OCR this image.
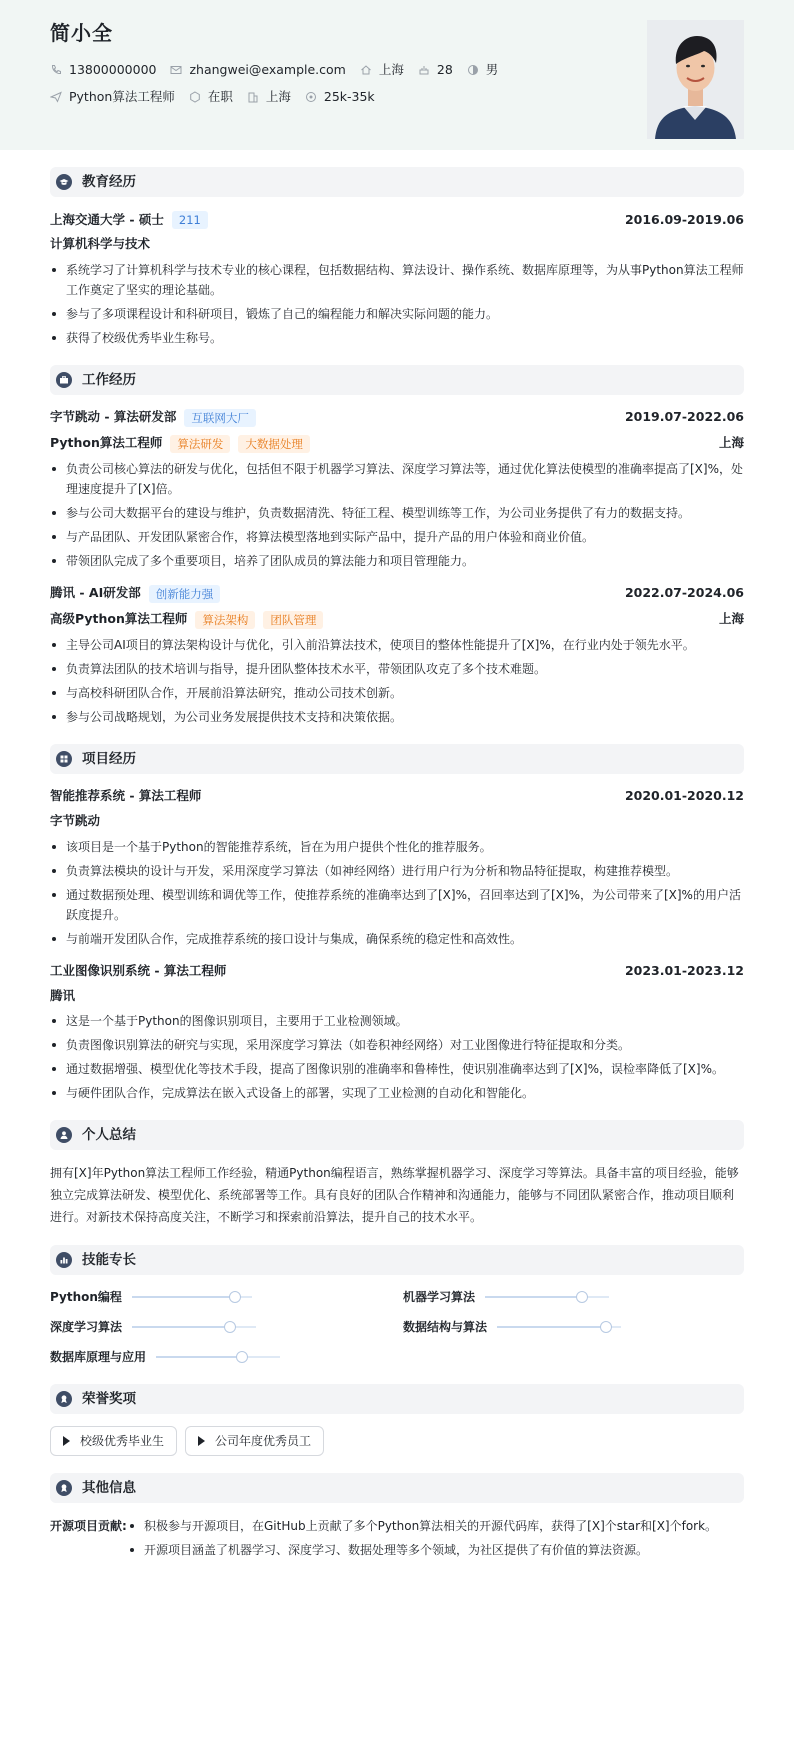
简小全
13800000000	zhangwei@example.com	上海	28	男
Python算法工程师	在职	上海	25k-35k
教育经历
上海交通大学 - 硕士	211	2016.09-2019.06
计算机科学与技术
系统学习了计算机科学与技术专业的核心课程，包括数据结构、算法设计、操作系统、数据库原理等，为从事Python算法工程师工作奠定了坚实的理论基础。
参与了多项课程设计和科研项目，锻炼了自己的编程能力和解决实际问题的能力。
获得了校级优秀毕业生称号。
工作经历
字节跳动 - 算法研发部	互联网大厂	2019.07-2022.06
Python算法工程师	算法研发	大数据处理	上海
负责公司核心算法的研发与优化，包括但不限于机器学习算法、深度学习算法等，通过优化算法使模型的准确率提高了[X]%，处理速度提升了[X]倍。
参与公司大数据平台的建设与维护，负责数据清洗、特征工程、模型训练等工作，为公司业务提供了有力的数据支持。
与产品团队、开发团队紧密合作，将算法模型落地到实际产品中，提升产品的用户体验和商业价值。
带领团队完成了多个重要项目，培养了团队成员的算法能力和项目管理能力。
腾讯 - AI研发部	创新能力强	2022.07-2024.06
高级Python算法工程师	算法架构	团队管理	上海
主导公司AI项目的算法架构设计与优化，引入前沿算法技术，使项目的整体性能提升了[X]%，在行业内处于领先水平。
负责算法团队的技术培训与指导，提升团队整体技术水平，带领团队攻克了多个技术难题。
与高校科研团队合作，开展前沿算法研究，推动公司技术创新。
参与公司战略规划，为公司业务发展提供技术支持和决策依据。
项目经历
智能推荐系统 - 算法工程师	2020.01-2020.12
字节跳动
该项目是一个基于Python的智能推荐系统，旨在为用户提供个性化的推荐服务。
负责算法模块的设计与开发，采用深度学习算法（如神经网络）进行用户行为分析和物品特征提取，构建推荐模型。
通过数据预处理、模型训练和调优等工作，使推荐系统的准确率达到了[X]%，召回率达到了[X]%，为公司带来了[X]%的用户活跃度提升。
与前端开发团队合作，完成推荐系统的接口设计与集成，确保系统的稳定性和高效性。
工业图像识别系统 - 算法工程师	2023.01-2023.12
腾讯
这是一个基于Python的图像识别项目，主要用于工业检测领域。
负责图像识别算法的研究与实现，采用深度学习算法（如卷积神经网络）对工业图像进行特征提取和分类。
通过数据增强、模型优化等技术手段，提高了图像识别的准确率和鲁棒性，使识别准确率达到了[X]%，误检率降低了[X]%。
与硬件团队合作，完成算法在嵌入式设备上的部署，实现了工业检测的自动化和智能化。
个人总结
拥有[X]年Python算法工程师工作经验，精通Python编程语言，熟练掌握机器学习、深度学习等算法。具备丰富的项目经验，能够独立完成算法研发、模型优化、系统部署等工作。具有良好的团队合作精神和沟通能力，能够与不同团队紧密合作，推动项目顺利进行。对新技术保持高度关注，不断学习和探索前沿算法，提升自己的技术水平。
技能专长
Python编程	机器学习算法
深度学习算法	数据结构与算法
数据库原理与应用
荣誉奖项
校级优秀毕业生	公司年度优秀员工
其他信息
开源项目贡献:	积极参与开源项目，在GitHub上贡献了多个Python算法相关的开源代码库，获得了[X]个star和[X]个fork。
开源项目涵盖了机器学习、深度学习、数据处理等多个领域，为社区提供了有价值的算法资源。
